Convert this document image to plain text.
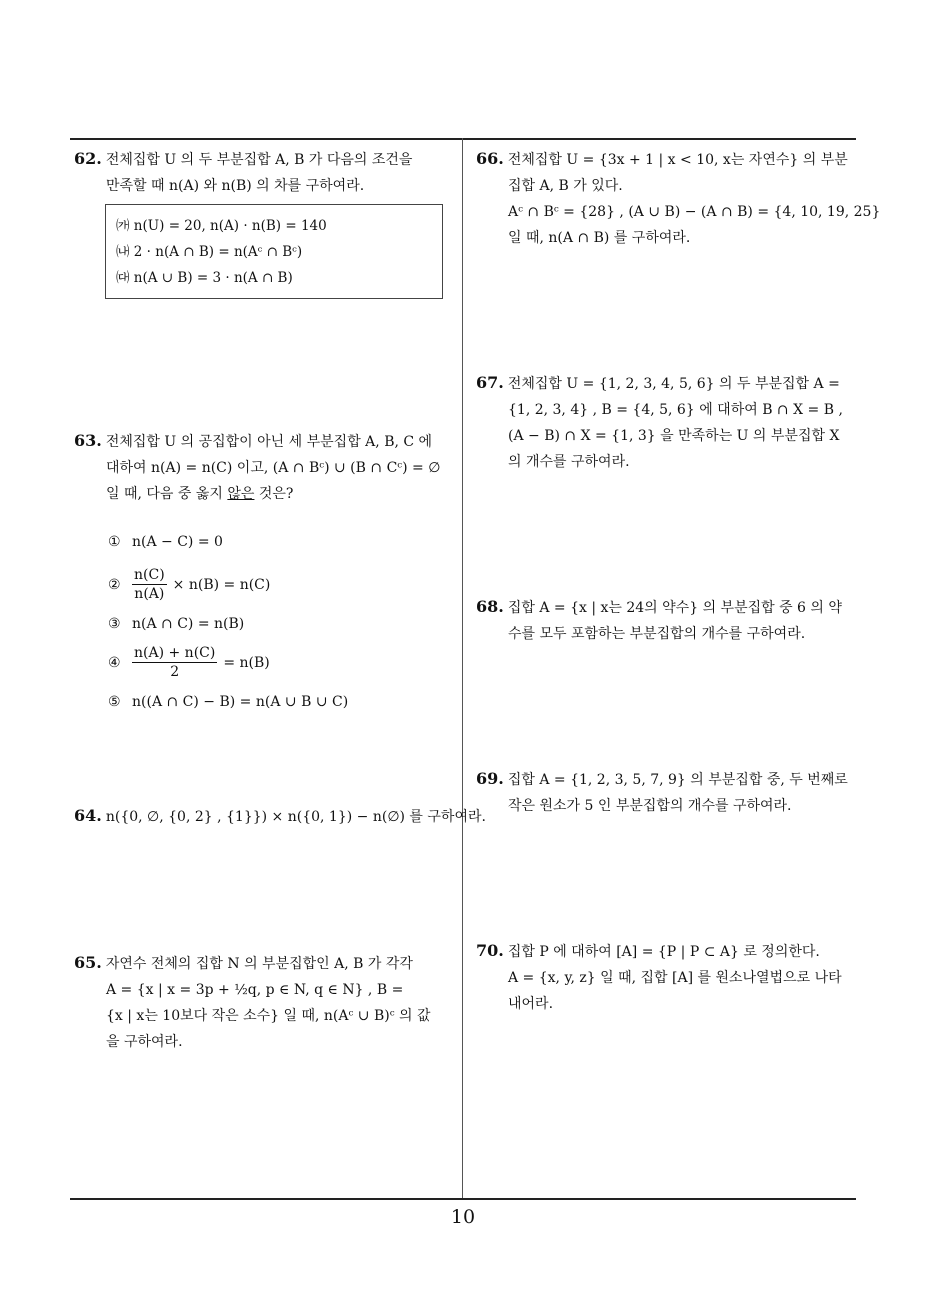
62. 전체집합 U 의 두 부분집합 A, B 가 다음의 조건을
만족할 때 n(A) 와 n(B) 의 차를 구하여라.
㈎ n(U) = 20, n(A) · n(B) = 140
㈏ 2 · n(A ∩ B) = n(Aᶜ ∩ Bᶜ)
㈐ n(A ∪ B) = 3 · n(A ∩ B)
63. 전체집합 U 의 공집합이 아닌 세 부분집합 A, B, C 에
대하여 n(A) = n(C) 이고, (A ∩ Bᶜ) ∪ (B ∩ Cᶜ) = ∅
일 때, 다음 중 옳지 않은 것은?
① n(A − C) = 0
② $\frac{n(C)}{n(A)} \times n(B) = n(C)$
③ n(A ∩ C) = n(B)
④ $\frac{n(A) + n(C)}{2} = n(B)$
⑤ n((A ∩ C) − B) = n(A ∪ B ∪ C)
64. n({0, ∅, {0, 2} , {1}}) × n({0, 1}) − n(∅) 를 구하여라.
65. 자연수 전체의 집합 N 의 부분집합인 A, B 가 각각
A = {x | x = 3p + ½q, p ∈ N, q ∈ N} , B =
{x | x는 10보다 작은 소수} 일 때, n(Aᶜ ∪ B)ᶜ 의 값
을 구하여라.
66. 전체집합 U = {3x + 1 | x < 10, x는 자연수} 의 부분
집합 A, B 가 있다.
Aᶜ ∩ Bᶜ = {28} , (A ∪ B) − (A ∩ B) = {4, 10, 19, 25}
일 때, n(A ∩ B) 를 구하여라.
67. 전체집합 U = {1, 2, 3, 4, 5, 6} 의 두 부분집합 A =
{1, 2, 3, 4} , B = {4, 5, 6} 에 대하여 B ∩ X = B ,
(A − B) ∩ X = {1, 3} 을 만족하는 U 의 부분집합 X
의 개수를 구하여라.
68. 집합 A = {x | x는 24의 약수} 의 부분집합 중 6 의 약
수를 모두 포함하는 부분집합의 개수를 구하여라.
69. 집합 A = {1, 2, 3, 5, 7, 9} 의 부분집합 중, 두 번째로
작은 원소가 5 인 부분집합의 개수를 구하여라.
70. 집합 P 에 대하여 [A] = {P | P ⊂ A} 로 정의한다.
A = {x, y, z} 일 때, 집합 [A] 를 원소나열법으로 나타
내어라.
10
